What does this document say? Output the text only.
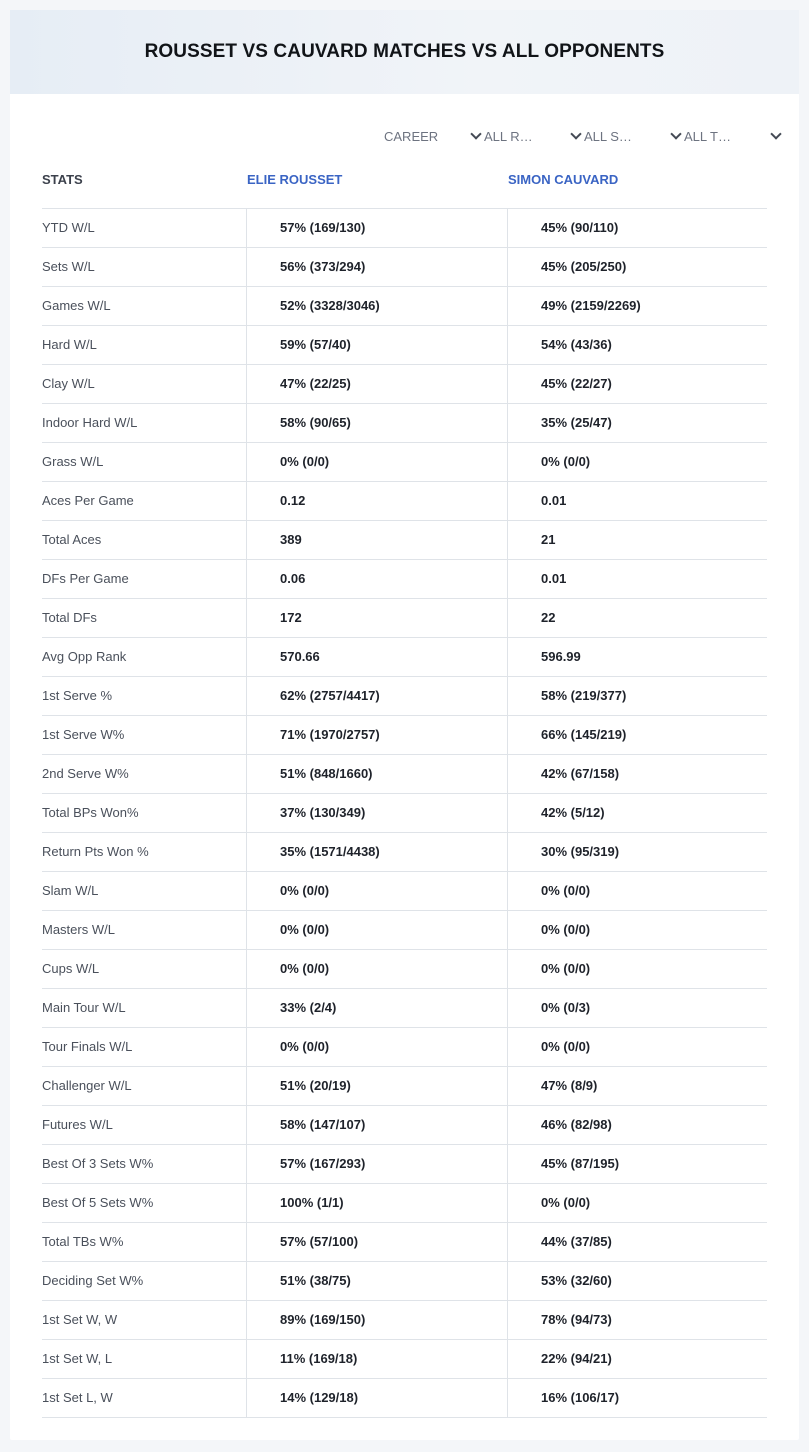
ROUSSET VS CAUVARD MATCHES VS ALL OPPONENTS
CAREER	ALL R…	ALL S…	ALL T…
STATS	ELIE ROUSSET	SIMON CAUVARD
YTD W/L	57% (169/130)	45% (90/110)
Sets W/L	56% (373/294)	45% (205/250)
Games W/L	52% (3328/3046)	49% (2159/2269)
Hard W/L	59% (57/40)	54% (43/36)
Clay W/L	47% (22/25)	45% (22/27)
Indoor Hard W/L	58% (90/65)	35% (25/47)
Grass W/L	0% (0/0)	0% (0/0)
Aces Per Game	0.12	0.01
Total Aces	389	21
DFs Per Game	0.06	0.01
Total DFs	172	22
Avg Opp Rank	570.66	596.99
1st Serve %	62% (2757/4417)	58% (219/377)
1st Serve W%	71% (1970/2757)	66% (145/219)
2nd Serve W%	51% (848/1660)	42% (67/158)
Total BPs Won%	37% (130/349)	42% (5/12)
Return Pts Won %	35% (1571/4438)	30% (95/319)
Slam W/L	0% (0/0)	0% (0/0)
Masters W/L	0% (0/0)	0% (0/0)
Cups W/L	0% (0/0)	0% (0/0)
Main Tour W/L	33% (2/4)	0% (0/3)
Tour Finals W/L	0% (0/0)	0% (0/0)
Challenger W/L	51% (20/19)	47% (8/9)
Futures W/L	58% (147/107)	46% (82/98)
Best Of 3 Sets W%	57% (167/293)	45% (87/195)
Best Of 5 Sets W%	100% (1/1)	0% (0/0)
Total TBs W%	57% (57/100)	44% (37/85)
Deciding Set W%	51% (38/75)	53% (32/60)
1st Set W, W	89% (169/150)	78% (94/73)
1st Set W, L	11% (169/18)	22% (94/21)
1st Set L, W	14% (129/18)	16% (106/17)
